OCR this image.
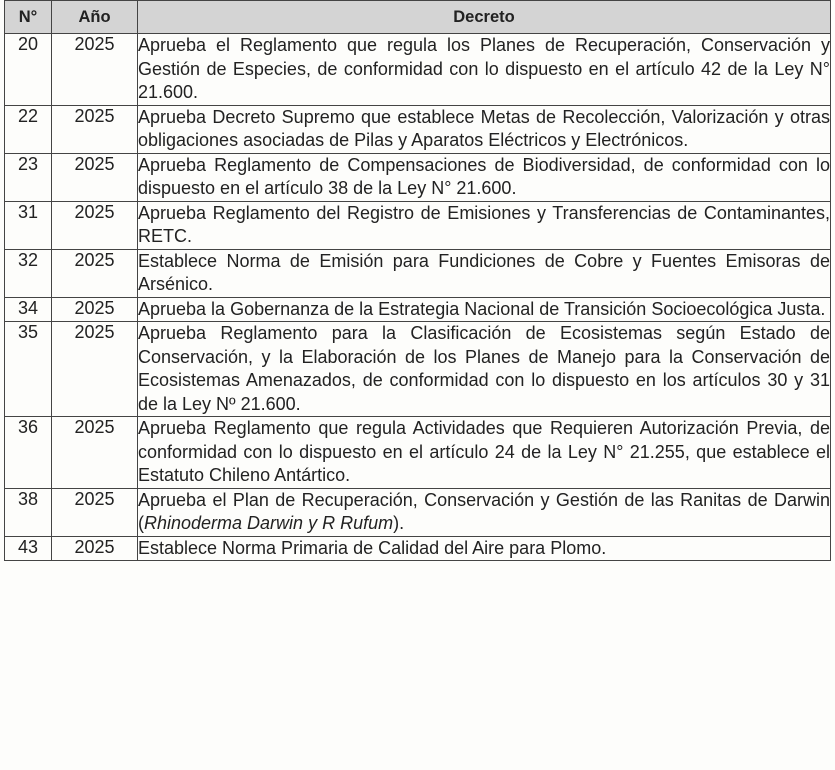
N°	Año	Decreto
20	2025	Aprueba el Reglamento que regula los Planes de Recuperación, Conservación y Gestión de Especies, de conformidad con lo dispuesto en el artículo 42 de la Ley N° 21.600.
22	2025	Aprueba Decreto Supremo que establece Metas de Recolección, Valorización y otras obligaciones asociadas de Pilas y Aparatos Eléctricos y Electrónicos.
23	2025	Aprueba Reglamento de Compensaciones de Biodiversidad, de conformidad con lo dispuesto en el artículo 38 de la Ley N° 21.600.
31	2025	Aprueba Reglamento del Registro de Emisiones y Transferencias de Contaminantes, RETC.
32	2025	Establece Norma de Emisión para Fundiciones de Cobre y Fuentes Emisoras de Arsénico.
34	2025	Aprueba la Gobernanza de la Estrategia Nacional de Transición Socioecológica Justa.
35	2025	Aprueba Reglamento para la Clasificación de Ecosistemas según Estado de Conservación, y la Elaboración de los Planes de Manejo para la Conservación de Ecosistemas Amenazados, de conformidad con lo dispuesto en los artículos 30 y 31 de la Ley Nº 21.600.
36	2025	Aprueba Reglamento que regula Actividades que Requieren Autorización Previa, de conformidad con lo dispuesto en el artículo 24 de la Ley N° 21.255, que establece el Estatuto Chileno Antártico.
38	2025	Aprueba el Plan de Recuperación, Conservación y Gestión de las Ranitas de Darwin (Rhinoderma Darwin y R Rufum).
43	2025	Establece Norma Primaria de Calidad del Aire para Plomo.
